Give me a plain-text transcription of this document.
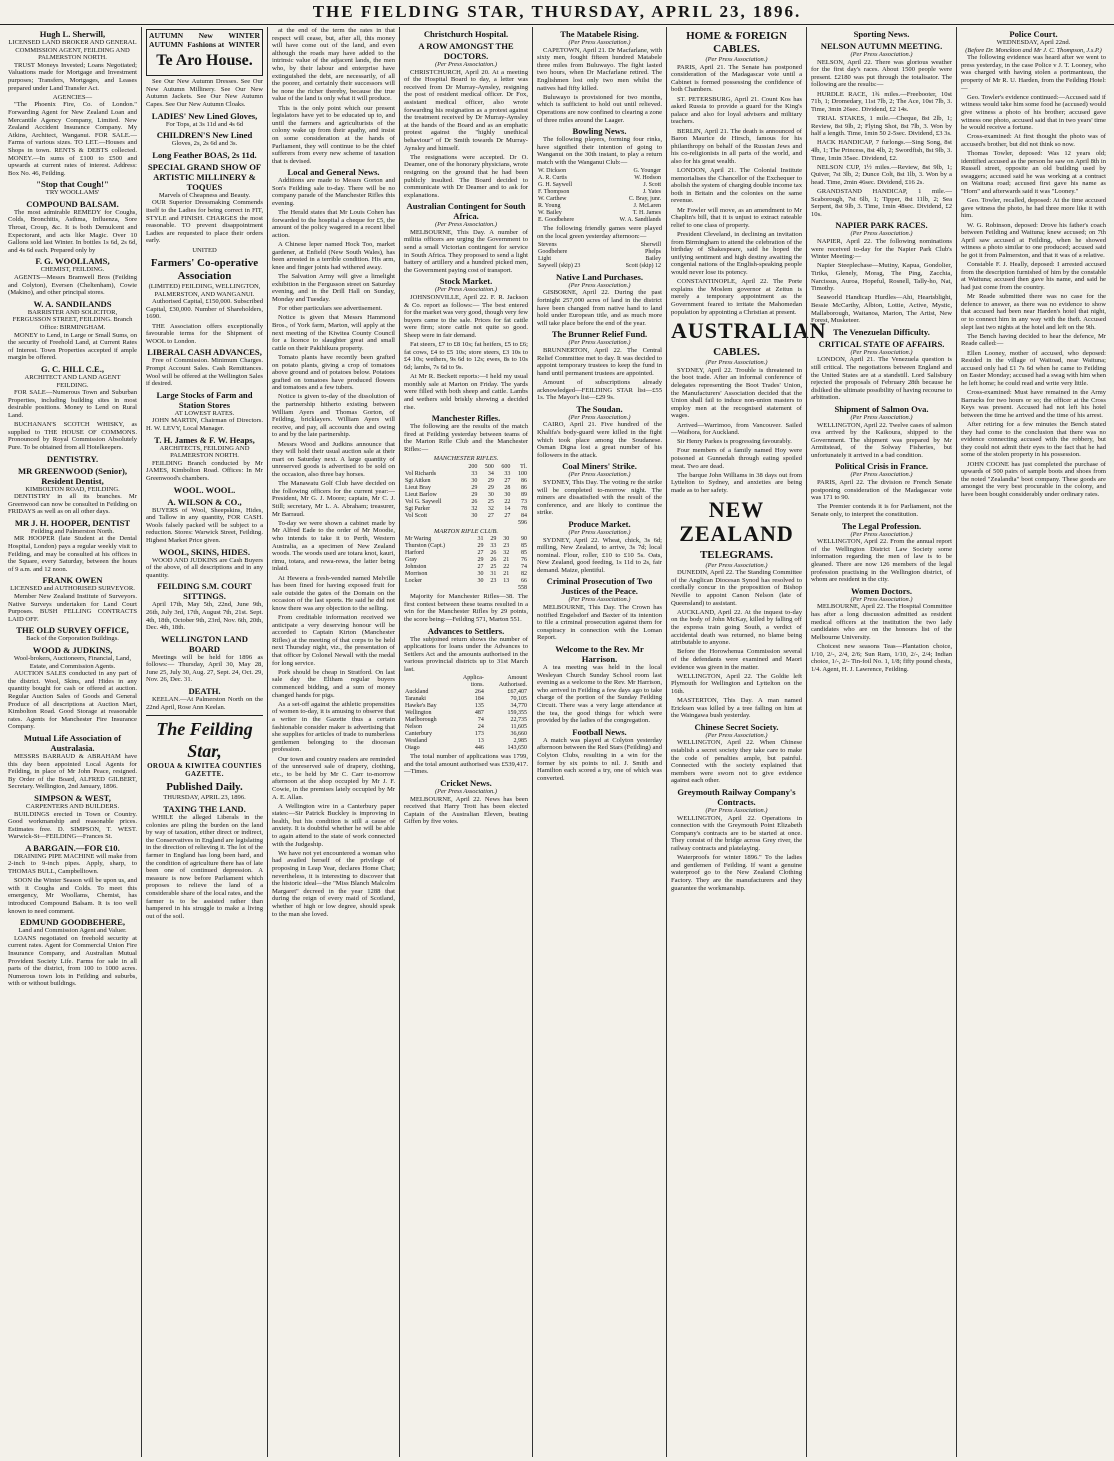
THE FIELDING STAR, THURSDAY, APRIL 23, 1896.
Hugh L. Sherwill,
LICENSED LAND BROKER AND GENERAL COMMISSION AGENT, FEILDING AND PALMERSTON NORTH.

TRUST Moneys Invested; Loans Negotiated; Valuations made for Mortgage and Investment purposes; Transfers, Mortgages, and Leases prepared under Land Transfer Act.

AGENCIES—

"The Phoenix Fire, Co. of London." Forwarding Agent for New Zealand Loan and Mercantile Agency Company, Limited. New Zealand Accident Insurance Company. My Atkins, Architect, Wanganui. FOR SALE.—Farms of various sizes. TO LET.—Houses and Shops in town. RENTS & DEBTS collected. MONEY.—In sums of £100 to £500 and upwards at current rates of interest. Address: Box No. 46, Feilding.

"Stop that Cough!"
TRY WOOLLAMS'
COMPOUND BALSAM.

The most admirable REMEDY for Coughs, Colds, Bronchitis, Asthma, Influenza, Sore Throat, Croup, &c. It is both Demulcent and Expectorant, and acts like Magic. Over 10 Gallons sold last Winter. In bottles 1s 6d, 2s 6d, and 4s 6d each. Prepared only by

F. G. WOOLLAMS,
CHEMIST, FEILDING.

AGENTS—Messrs Bramwell Bros (Feilding and Colyton), Eversen (Cheltenham), Cowie (Makino), and other principal stores.

W. A. SANDILANDS
BARRISTER AND SOLICITOR, FERGUSSON STREET, FEILDING. Branch Office: BIRMINGHAM.

MONEY to Lend, in Large or Small Sums, on the security of Freehold Land, at Current Rates of Interest. Town Properties accepted if ample margin be offered.

G. C. HILL C.E.,
ARCHITECT AND LAND AGENT FEILDING.

FOR SALE—Numerous Town and Suburban Properties, including building sites in most desirable positions. Money to Lend on Rural Land.

BUCHANAN'S SCOTCH WHISKY, as supplied to THE HOUSE OF COMMONS. Pronounced by Royal Commission Absolutely Pure. To be obtained from all Hotelkeepers.

DENTISTRY.
MR GREENWOOD (Senior), Resident Dentist,
KIMBOLTON ROAD, FEILDING.

DENTISTRY in all its branches. Mr Greenwood can now be consulted in Feilding on FRIDAYS as well as on all other days.

MR J. H. HOOPER, DENTIST
Feilding and Palmerston North.

MR HOOPER (late Student at the Dental Hospital, London) pays a regular weekly visit to Feilding, and may be consulted at his offices in the Square, every Saturday, between the hours of 9 a.m. and 12 noon.

FRANK OWEN
LICENSED and AUTHORISED SURVEYOR.

Member New Zealand Institute of Surveyors. Native Surveys undertaken for Land Court Purposes. BUSH FELLING CONTRACTS LAID OFF.

THE OLD SURVEY OFFICE,
Back of the Corporation Buildings.
WOOD & JUDKINS,
Wool-brokers, Auctioneers, Financial, Land, Estate, and Commission Agents.

AUCTION SALES conducted in any part of the district. Wool, Skins, and Hides in any quantity bought for cash or offered at auction. Regular Auction Sales of Goods and General Produce of all descriptions at Auction Mart, Kimbolton Road. Good Storage at reasonable rates. Agents for Manchester Fire Insurance Company.

Mutual Life Association of Australasia.

MESSRS BARRAUD & ABRAHAM have this day been appointed Local Agents for Feilding, in place of Mr John Peace, resigned. By Order of the Board, ALFRED GILBERT, Secretary. Wellington, 2nd January, 1896.

SIMPSON & WEST,
CARPENTERS AND BUILDERS.

BUILDINGS erected in Town or Country. Good workmanship and reasonable prices. Estimates free. D. SIMPSON, T. WEST. Warwick-St—FEILDING—Frances St.

A BARGAIN.—FOR £10.

DRAINING PIPE MACHINE will make from 2-inch to 9-inch pipes. Apply, sharp, to THOMAS BULL, Campbelltown.

SOON the Winter Season will be upon us, and with it Coughs and Colds. To meet this emergency, Mr Woollams, Chemist, has introduced Compound Balsam. It is too well known to need comment.

EDMUND GOODBEHERE,
Land and Commission Agent and Valuer.

LOANS negotiated on freehold security at current rates. Agent for Commercial Union Fire Insurance Company, and Australian Mutual Provident Society Life. Farms for sale in all parts of the district, from 100 to 1000 acres. Numerous town lots in Feilding and suburbs, with or without buildings.

AUTUMN New WINTER
AUTUMN Fashions at WINTER
Te Aro House.

See Our New Autumn Dresses. See Our New Autumn Millinery. See Our New Autumn Jackets. See Our New Autumn Capes. See Our New Autumn Cloaks.

LADIES' New Lined Gloves,
For Tops, at 3s 11d and 4s 6d
CHILDREN'S New Lined
Gloves, 2s, 2s 6d and 3s.
Long Feather BOAS, 2s 11d.
SPECIAL GRAND SHOW OF ARTISTIC MILLINERY & TOQUES
Marvels of Cheapness and Beauty.

OUR Superior Dressmaking Commends itself to the Ladies for being correct in FIT, STYLE and FINISH. CHARGES the most reasonable. TO prevent disappointment Ladies are requested to place their orders early.

UNITED
Farmers' Co-operative Association
(LIMITED) FEILDING, WELLINGTON, PALMERSTON, AND WANGANUI.

Authorised Capital, £150,000. Subscribed Capital, £30,000. Number of Shareholders, 1690.

THE Association offers exceptionally favourable terms for the Shipment of WOOL to London.

LIBERAL CASH ADVANCES,

Free of Commission. Minimum Charges. Prompt Account Sales. Cash Remittances. Wool will be offered at the Wellington Sales if desired.

Large Stocks of Farm and Station Stores
AT LOWEST RATES.

JOHN MARTIN, Chairman of Directors. H. W. LEVY, Local Manager.

T. H. James & F. W. Heaps,
ARCHITECTS, FEILDING AND PALMERSTON NORTH.

FEILDING Branch conducted by Mr JAMES, Kimbolton Road. Offices: In Mr Greenwood's chambers.

WOOL. WOOL.
A. WILSON & CO.,

BUYERS of Wool, Sheepskins, Hides, and Tallow in any quantity, FOR CASH. Wools falsely packed will be subject to a reduction. Stores: Warwick Street, Feilding. Highest Market Price given.

WOOL, SKINS, HIDES.

WOOD AND JUDKINS are Cash Buyers of the above, of all descriptions and in any quantity.

FEILDING S.M. COURT SITTINGS.

April 17th, May 5th, 22nd, June 9th, 26th, July 3rd, 17th, August 7th, 21st. Sept. 4th, 18th, October 9th, 23rd, Nov. 6th, 20th, Dec. 4th, 18th.

WELLINGTON LAND BOARD

Meetings will be held for 1896 as follows:— Thursday, April 30, May 28, June 25, July 30, Aug. 27, Sept. 24, Oct. 29, Nov. 26, Dec. 31.

DEATH.

KEELAN.—At Palmerston North on the 22nd April, Rose Ann Keelan.

The Feilding Star,
OROUA & KIWITEA COUNTIES GAZETTE.
Published Daily.
THURSDAY, APRIL 23, 1896.
TAXING THE LAND.

WHILE the alleged Liberals in the colonies are piling the burden on the land by way of taxation, either direct or indirect, the Conservatives in England are legislating in the direction of relieving it. The lot of the farmer in England has long been hard, and the condition of agriculture there has of late been one of continued depression. A measure is now before Parliament which proposes to relieve the land of a considerable share of the local rates, and the farmer is to be assisted rather than hampered in his struggle to make a living out of the soil.

at the end of the term the rates in that respect will cease, but, after all, this money will have come out of the land, and even although the roads may have added to the intrinsic value of the adjacent lands, the men who, by their labour and enterprise have extinguished the debt, are necessarily, of all the poorer, and certainly their successors will be none the richer thereby, because the true value of the land is only what it will produce.

This is the only point which our present legislators have yet to be educated up to, and until the farmers and agriculturists of the colony wake up from their apathy, and insist on some consideration at the hands of Parliament, they will continue to be the chief sufferers from every new scheme of taxation that is devised.

Local and General News.

Additions are made to Messrs Gorton and Son's Feilding sale to-day. There will be no company parade of the Manchester Rifles this evening.

The Herald states that Mr Louis Cohen has forwarded to the hospital a cheque for £5, the amount of the policy wagered in a recent libel action.

A Chinese leper named Hock Too, market gardener, at Enfield (New South Wales), has been arrested in a terrible condition. His arm, knee and finger joints had withered away.

The Salvation Army will give a limelight exhibition in the Fergusson street on Saturday evening, and in the Drill Hall on Sunday, Monday and Tuesday.

For other particulars see advertisement.

Notice is given that Messrs Hammond Bros., of York farm, Marton, will apply at the next meeting of the Kiwitea County Council for a licence to slaughter great and small cattle on their Pakihikura property.

Tomato plants have recently been grafted on potato plants, giving a crop of tomatoes above ground and of potatoes below. Potatoes grafted on tomatoes have produced flowers and tomatoes and a few tubers.

Notice is given to-day of the dissolution of the partnership hitherto existing between William Ayers and Thomas Gorton, of Feilding, bricklayers. William Ayers will receive, and pay, all accounts due and owing to and by the late partnership.

Messrs Wood and Judkins announce that they will hold their usual auction sale at their mart on Saturday next. A large quantity of unreserved goods is advertised to be sold on the occasion, also three bay horses.

The Manawatu Golf Club have decided on the following officers for the current year:—President, Mr G. J. Moore; captain, Mr C. J. Still; secretary, Mr L. A. Abraham; treasurer, Mr Barraud.

To-day we were shown a cabinet made by Mr Alfred Eade to the order of Mr Moodie, who intends to take it to Perth, Western Australia, as a specimen of New Zealand woods. The woods used are totara knot, kauri, rimu, totara, and rewa-rewa, the latter being inlaid.

At Hewera a fresh-vended named Melville has been fined for having exposed fruit for sale outside the gates of the Domain on the occasion of the last sports. He said he did not know there was any objection to the selling.

From creditable information received we anticipate a very deserving honour will be accorded to Captain Kirton (Manchester Rifles) at the meeting of that corps to be held next Thursday night, viz., the presentation of that officer by Colonel Newall with the medal for long service.

Pork should be cheap in Stratford. On last sale day the Eltham regular buyers commenced bidding, and a sum of money changed hands for pigs.

As a set-off against the athletic propensities of women to-day, it is amusing to observe that a writer in the Gazette thus a certain fashionable consider maker is advertising that she supplies for articles of trade to numberless gentlemen belonging to the diocesan profession.

Our town and country readers are reminded of the unreserved sale of drapery, clothing, etc., to be held by Mr C. Carr to-morrow afternoon at the shop occupied by Mr J. F. Cowie, in the premises lately occupied by Mr A. E. Allan.

A Wellington wire in a Canterbury paper states:—Sir Patrick Buckley is improving in health, but his condition is still a cause of anxiety. It is doubtful whether he will be able to again attend to the state of work connected with the Judgeship.

We have not yet encountered a woman who had availed herself of the privilege of proposing in Leap Year, declares Home Chat; nevertheless, it is interesting to discover that the historic ideal—the "Miss Blanch Malcolm Margaret" decreed in the year 1288 that during the reign of every maid of Scotland, whether of high or low degree, should speak to the man she loved.

Christchurch Hospital.
A ROW AMONGST THE DOCTORS.
(Per Press Association.)

CHRISTCHURCH, April 20. At a meeting of the Hospital Board to day, a letter was received from Dr Murray-Aynsley, resigning the post of resident medical officer. Dr Fox, assistant medical officer, also wrote forwarding his resignation as a protest against the treatment received by Dr Murray-Aynsley at the hands of the Board and as an emphatic protest against the "highly unethical behaviour" of Dr Smith towards Dr Murray-Aynsley and himself.

The resignations were accepted. Dr O. Deamer, one of the honorary physicians, wrote resigning on the ground that he had been publicly insulted. The Board decided to communicate with Dr Deamer and to ask for explanations.

Australian Contingent for South Africa.
(Per Press Association.)

MELBOURNE, This Day. A number of militia officers are urging the Government to send a small Victorian contingent for service in South Africa. They proposed to send a light battery of artillery and a hundred picked men, the Government paying cost of transport.

Stock Market.
(Per Press Association.)

JOHNSONVILLE, April 22. F. R. Jackson & Co. report as follows:— The best entered for the market was very good, though very few buyers came to the sale. Prices for fat cattle were firm; store cattle not quite so good. Sheep were in fair demand.

Fat steers, £7 to £8 10s; fat heifers, £5 to £6; fat cows, £4 to £5 10s; store steers, £3 10s to £4 10s; wethers, 9s 6d to 12s; ewes, 8s to 10s 6d; lambs, 7s 6d to 9s.

At Mr R. Beckett reports:—I held my usual monthly sale at Marton on Friday. The yards were filled with both sheep and cattle. Lambs and wethers sold briskly showing a decided rise.

Manchester Rifles.

The following are the results of the match fired at Feilding yesterday between teams of the Marton Rifle Club and the Manchester Rifles:—

MANCHESTER RIFLES.
	200	500	600	Tl.
Vol Richards	33	34	33	100
Sgt Aitken	30	29	27	86
Lieut Bray	29	29	28	86
Lieut Barlow	29	30	30	89
Vol G. Saywell	26	25	22	73
Sgt Parker	32	32	14	78
Vol Scott	30	27	27	84
				596
MARTON RIFLE CLUB.
Mr Waring	31	29	30	90
Thurston (Capt.)	29	33	23	85
Harford	27	26	32	85
Gray	29	26	21	76
Johnston	27	25	22	74
Morrison	30	31	21	82
Locker	30	23	13	66
				558

Majority for Manchester Rifles—38. The first contest between these teams resulted in a win for the Manchester Rifles by 29 points, the score being:—Feilding 571, Marton 551.

Advances to Settlers.

The subjoined return shows the number of applications for loans under the Advances to Settlers Act and the amounts authorised in the various provincial districts up to 31st March last.

	Applica-	Amount
	tions.	Authorised.
Auckland	264	£67,407
Taranaki	184	70,105
Hawke's Bay	135	34,770
Wellington	487	159,355
Marlborough	74	22,735
Nelson	24	11,605
Canterbury	173	36,660
Westland	13	2,985
Otago	446	143,650

The total number of applications was 1799, and the total amount authorised was £539,417.—Times.

Cricket News.
(Per Press Association.)

MELBOURNE, April 22. News has been received that Harry Trott has been elected Captain of the Australian Eleven, beating Giffen by five votes.

The Matabele Rising.
(Per Press Association.)

CAPETOWN, April 21. Dr Macfarlane, with sixty men, fought fifteen hundred Matabele three miles from Buluwayo. The fight lasted two hours, when Dr Macfarlane retired. The Englishmen lost only two men whilst the natives had fifty killed.

Buluwayo is provisioned for two months, which is sufficient to hold out until relieved. Operations are now confined to clearing a zone of three miles around the Laager.

Bowling News.

The following players, forming four rinks, have signified their intention of going to Wanganui on the 30th instant, to play a return match with the Wanganui Club:—

W. Dickson	G. Younger
A. R. Curtis	W. Hodson
G. H. Saywell	J. Scott
F. Thompson	J. Yates
W. Carthew	C. Bray, junr.
R. Young	J. McLaren
W. Bailey	T. H. James
E. Goodbehere	W. A. Sandilands

The following friendly games were played on the local green yesterday afternoon:—

Stevens	Sherwill
Goodbehere	Phelps
Light	Bailey
Saywell (skip) 23	Scott (skip) 12
Native Land Purchases.
(Per Press Association.)

GISBORNE, April 22. During the past fortnight 257,000 acres of land in the district have been changed from native hand to land hold under European title, and as much more will take place before the end of the year.

The Brunner Relief Fund.
(Per Press Association.)

BRUNNERTON, April 22. The Central Relief Committee met to day. It was decided to appoint temporary trustees to keep the fund in hand until permanent trustees are appointed.

Amount of subscriptions already acknowledged—FEILDING STAR list—£55 1s. The Mayor's list—£29 9s.

The Soudan.
(Per Press Association.)

CAIRO, April 21. Five hundred of the Khalifa's body-guard were killed in the fight which took place among the Soudanese. Osman Digna lost a great number of his followers in the attack.

Coal Miners' Strike.
(Per Press Association.)

SYDNEY, This Day. The voting re the strike will be completed to-morrow night. The miners are dissatisfied with the result of the conference, and are likely to continue the strike.

Produce Market.
(Per Press Association.)

SYDNEY, April 22. Wheat, chick, 3s 6d; milling, New Zealand, to arrive, 3s 7d; local nominal. Flour, roller, £10 to £10 5s. Oats, New Zealand, good feeding, 1s 11d to 2s, fair demand. Maize, plentiful.

Criminal Prosecution of Two Justices of the Peace.
(Per Press Association.)

MELBOURNE, This Day. The Crown has notified Engelsdorf and Baxter of its intention to file a criminal prosecution against them for conspiracy in connection with the Loman Report.

Welcome to the Rev. Mr Harrison.

A tea meeting was held in the local Wesleyan Church Sunday School room last evening as a welcome to the Rev. Mr Harrison, who arrived in Feilding a few days ago to take charge of the portion of the Sunday Feilding Circuit. There was a very large attendance at the tea, the good things for which were provided by the ladies of the congregation.

Football News.

A match was played at Colyton yesterday afternoon between the Red Stars (Feilding) and Colyton Clubs, resulting in a win for the former by six points to nil. J. Smith and Hamilton each scored a try, one of which was converted.

HOME & FOREIGN CABLES.
(Per Press Association.)

PARIS, April 21. The Senate has postponed consideration of the Madagascar vote until a Cabinet is formed possessing the confidence of both Chambers.

ST. PETERSBURG, April 21. Count Kos has asked Russia to provide a guard for the King's palace and also for loyal advisers and military teachers.

BERLIN, April 21. The death is announced of Baron Maurice de Hirsch, famous for his philanthropy on behalf of the Russian Jews and his co-religionists in all parts of the world, and also for his great wealth.

LONDON, April 21. The Colonial Institute memorialises the Chancellor of the Exchequer to abolish the system of charging double income tax both in Britain and the colonies on the same revenue.

Mr Fowler will move, as an amendment to Mr Chaplin's bill, that it is unjust to extract rateable relief to one class of property.

President Cleveland, in declining an invitation from Birmingham to attend the celebration of the birthday of Shakespeare, said he hoped the unifying sentiment and high destiny awaiting the congenial nations of the English-speaking people would never lose its potency.

CONSTANTINOPLE, April 22. The Porte explains the Moslem governor at Zeitun is merely a temporary appointment as the Government feared to irritate the Mahomedan population by appointing a Christian at present.

AUSTRALIAN
CABLES.
(Per Press Association.)

SYDNEY, April 22. Trouble is threatened in the boot trade. After an informal conference of delegates representing the Boot Trades' Union, the Manufacturers' Association decided that the Union shall fail to induce non-union masters to employ men at the recognised statement of wages.

Arrived—Warrimoo, from Vancouver. Sailed—Waihora, for Auckland.

Sir Henry Parkes is progressing favourably.

Four members of a family named Hoy were poisoned at Gunnedah through eating spoiled meat. Two are dead.

The barque John Williams in 38 days out from Lyttelton to Sydney, and anxieties are being made as to her safety.

NEW ZEALAND
TELEGRAMS.
(Per Press Association.)

DUNEDIN, April 22. The Standing Committee of the Anglican Diocesan Synod has resolved to cordially concur in the proposition of Bishop Neville to appoint Canon Nelson (late of Queensland) to assistant.

AUCKLAND, April 22. At the inquest to-day on the body of John McKay, killed by falling off the express train going South, a verdict of accidental death was returned, no blame being attributable to anyone.

Before the Horowhenua Commission several of the defendants were examined and Maori evidence was given in the matter.

WELLINGTON, April 22. The Goldie left Plymouth for Wellington and Lyttelton on the 16th.

MASTERTON, This Day. A man named Ericksen was killed by a tree falling on him at the Waingawa bush yesterday.

Chinese Secret Society.
(Per Press Association.)

WELLINGTON, April 22. When Chinese establish a secret society they take care to make the code of penalties ample, but painful. Connected with the society explained that members were sworn not to give evidence against each other.

Greymouth Railway Company's Contracts.
(Per Press Association.)

WELLINGTON, April 22. Operations in connection with the Greymouth Point Elizabeth Company's contracts are to be started at once. They consist of the bridge across Grey river, the railway contracts and platelaying.

Waterproofs for winter 1896." To the ladies and gentlemen of Feilding. If want a genuine waterproof go to the New Zealand Clothing Factory. They are the manufacturers and they guarantee the workmanship.

Sporting News.
NELSON AUTUMN MEETING.
(Per Press Association.)

NELSON, April 22. There was glorious weather for the first day's races. About 1500 people were present. £2180 was put through the totalisator. The following are the results:—

HURDLE RACE, 1¾ miles.—Freebooter, 10st 71b, 1; Dromedary, 11st 7lb, 2; The Ace, 10st 7lb, 3. Time, 3min 26sec. Dividend, £2 14s.

TRIAL STAKES, 1 mile.—Cheque, 8st 2lb, 1; Review, 8st 9lb, 2; Flying Shot, 8st 7lb, 3. Won by half a length. Time, 1min 50 2-5sec. Dividend, £3 3s.

HACK HANDICAP, 7 furlongs.—Sing Song, 8st 4lb, 1; The Princess, 8st 4lb, 2; Swordfish, 8st 9lb, 3. Time, 1min 35sec. Dividend, £2.

NELSON CUP, 1½ miles.—Review, 8st 9lb, 1; Quiver, 7st 3lb, 2; Dunce Colt, 8st 1lb, 3. Won by a head. Time, 2min 46sec. Dividend, £16 2s.

GRANDSTAND HANDICAP, 1 mile.—Scaborough, 7st 6lb, 1; Tipper, 8st 11lb, 2; Sea Serpent, 8st 9lb, 3. Time, 1min 48sec. Dividend, £2 10s.

NAPIER PARK RACES.
(Per Press Association.)

NAPIER, April 22. The following nominations were received to-day for the Napier Park Club's Winter Meeting:—

Napier Steeplechase—Mutiny, Kapua, Gondolier, Tirika, Glenely, Morag, The Ping, Zacchia, Narcissus, Auroa, Hopeful, Rosnell, Tally-ho, Nat, Timothy.

Seaworld Handicap Hurdles—Ahi, Heartsblight, Bessie McCarthy, Albion, Lottie, Active, Mystic, Mallaborough, Waitanoa, Marion, The Artist, New Forest, Musketeer.

The Venezuelan Difficulty.
CRITICAL STATE OF AFFAIRS.
(Per Press Association.)

LONDON, April 21. The Venezuela question is still critical. The negotiations between England and the United States are at a standstill. Lord Salisbury rejected the proposals of February 28th because he disliked the ultimate possibility of having recourse to arbitration.

Shipment of Salmon Ova.
(Per Press Association.)

WELLINGTON, April 22. Twelve cases of salmon ova arrived by the Kaikoura, shipped to the Government. The shipment was prepared by Mr Armitstead, of the Solway Fisheries, but unfortunately it arrived in a bad condition.

Political Crisis in France.
(Per Press Association.)

PARIS, April 22. The division re French Senate postponing consideration of the Madagascar vote was 171 to 90.

The Premier contends it is for Parliament, not the Senate only, to interpret the constitution.

The Legal Profession.
(Per Press Association.)

WELLINGTON, April 22. From the annual report of the Wellington District Law Society some information regarding the men of law is to be gleaned. There are now 126 members of the legal profession practising in the Wellington district, of whom are resident in the city.

Women Doctors.
(Per Press Association.)

MELBOURNE, April 22. The Hospital Committee has after a long discussion admitted as resident medical officers at the institution the two lady candidates who are on the honours list of the Melbourne University.

Choicest new seasons Teas—Plantation choice, 1/10, 2/-, 2/4, 2/6; Sun Ram, 1/10, 2/-, 2/4; Indian choice, 1/-, 2/- Tin-foil No. 1, 1/8; fifty pound chests, 1/4. Agent, H. J. Lawrence, Feilding.

Police Court.
WEDNESDAY, April 22nd.
(Before Dr. Monckton and Mr J. C. Thompson, J.s.P.)

The following evidence was heard after we went to press yesterday, in the case Police v J. T. Looney, who was charged with having stolen a portmanteau, the property of Mr R. U. Harden, from the Feilding Hotel:—

Geo. Towler's evidence continued:—Accused said if witness would take him some food he (accused) would give witness a photo of his brother; accused gave witness one photo, accused said that in two years' time he would receive a fortune.

Cross-examined: At first thought the photo was of accused's brother, but did not think so now.

Thomas Towler, deposed: Was 12 years old; identified accused as the person he saw on April 8th in Russell street, opposite an old building used by swaggers; accused said he was working at a contract on Waituna road; accused first gave his name as "Horn" and afterwards said it was "Looney."

Geo. Towler, recalled, deposed: At the time accused gave witness the photo, he had three more like it with him.

W. G. Robinson, deposed: Drove his father's coach between Feilding and Waituna; knew accused; on 7th April saw accused at Feilding, when he showed witness a photo similar to one produced; accused said he got it from Palmerston, and that it was of a relative.

Constable F. J. Heally, deposed: I arrested accused from the description furnished of him by the constable at Waituna; accused then gave his name, and said he had just come from the country.

Mr Reade submitted there was no case for the defence to answer, as there was no evidence to show that accused had been near Harden's hotel that night, or to connect him in any way with the theft. Accused slept last two nights at the hotel and left on the 9th.

The Bench having decided to hear the defence, Mr Reade called:—

Ellen Looney, mother of accused, who deposed: Resided in the village of Waitoad, near Waituna; accused only had £1 7s 6d when he came to Feilding on Easter Monday; accused had a swag with him when he left home; he could read and write very little.

Cross-examined: Must have remained in the Army Barracks for two hours or so; the officer at the Cross Keys was present. Accused had not left his hotel between the time he arrived and the time of his arrest.

After retiring for a few minutes the Bench stated they had come to the conclusion that there was no evidence connecting accused with the robbery, but they could not admit their eyes to the fact that he had some of the stolen property in his possession.

JOHN COONE has just completed the purchase of upwards of 500 pairs of sample boots and shoes from the noted "Zealandia" boot company. These goods are amongst the very best procurable in the colony, and have been bought considerably under ordinary rates.
